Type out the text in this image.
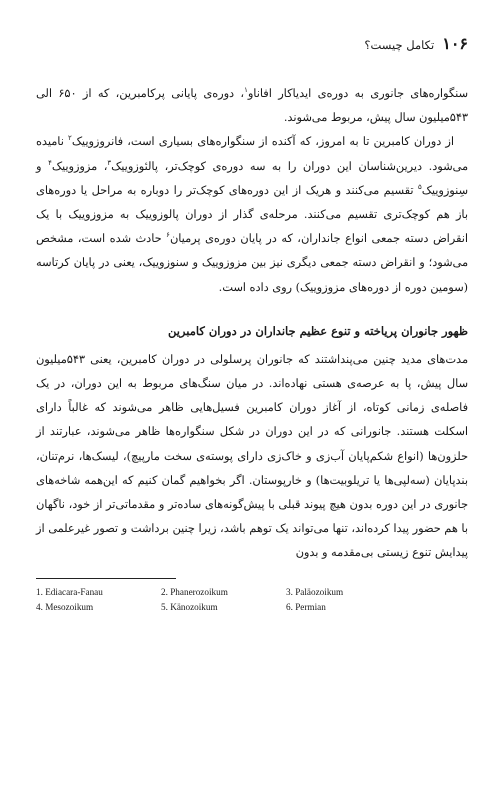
۱۰۶
تکامل چیست؟

سنگواره‌های جانوری به دوره‌ی ایدیاکار افاناو$^۱$، دوره‌ی پایانی پرکامبرین، که از ۶۵۰ الی ۵۴۳میلیون سال پیش، مربوط می‌شوند.

از دوران کامبرین تا به امروز، که آکنده از سنگواره‌های بسیاری است، فانروزوییک$^۲$ نامیده می‌شود. دیرین‌شناسان این دوران را به سه دوره‌ی کوچک‌تر، پالئوزوییک$^۳$، مزوزوییک$^۴$ و سِنوزوییک$^۵$ تقسیم می‌کنند و هریک از این دوره‌های کوچک‌تر را دوباره به مراحل یا دوره‌های باز هم کوچک‌تری تقسیم می‌کنند. مرحله‌ی گذار از دوران پالوزوییک به مزوزوییک با یک انقراض دسته جمعی انواع جانداران، که در پایان دوره‌ی پرمیان$^۶$ حادث شده است، مشخص می‌شود؛ و انقراض دسته جمعی دیگری نیز بین مزوزوییک و سنوزوییک، یعنی در پایان کرتاسه (سومین دوره از دوره‌های مزوزوییک) روی داده است.

ظهور جانوران پریاخته و تنوع عظیم جانداران در دوران کامبرین

مدت‌های مدید چنین می‌پنداشتند که جانوران پرسلولی در دوران کامبرین، یعنی ۵۴۳میلیون سال پیش، پا به عرصه‌ی هستی نهاده‌اند. در میان سنگ‌های مربوط به این دوران، در یک فاصله‌ی زمانی کوتاه، از آغاز دوران کامبرین فسیل‌هایی ظاهر می‌شوند که غالباً دارای اسکلت هستند. جانورانی که در این دوران در شکل سنگواره‌ها ظاهر می‌شوند، عبارتند از حلزون‌ها (انواع شکم‌پایان آب‌زی و خاک‌زی دارای پوسته‌ی سخت مارپیچ)، لیسک‌ها، نرم‌تنان، بندپایان (سه‌لپی‌ها یا تریلوبیت‌ها) و خارپوستان. اگر بخواهیم گمان کنیم که این‌همه شاخه‌های جانوری در این دوره بدون هیچ پیوند قبلی با پیش‌گونه‌های ساده‌تر و مقدماتی‌تر از خود، ناگهان با هم حضور پیدا کرده‌اند، تنها می‌تواند یک توهم باشد، زیرا چنین برداشت و تصور غیرعلمی از پیدایش تنوع زیستی بی‌مقدمه و بدون

1. Ediacara-Fanau	2. Phanerozoikum	3. Paläozoikum
4. Mesozoikum	5. Känozoikum	6. Permian
